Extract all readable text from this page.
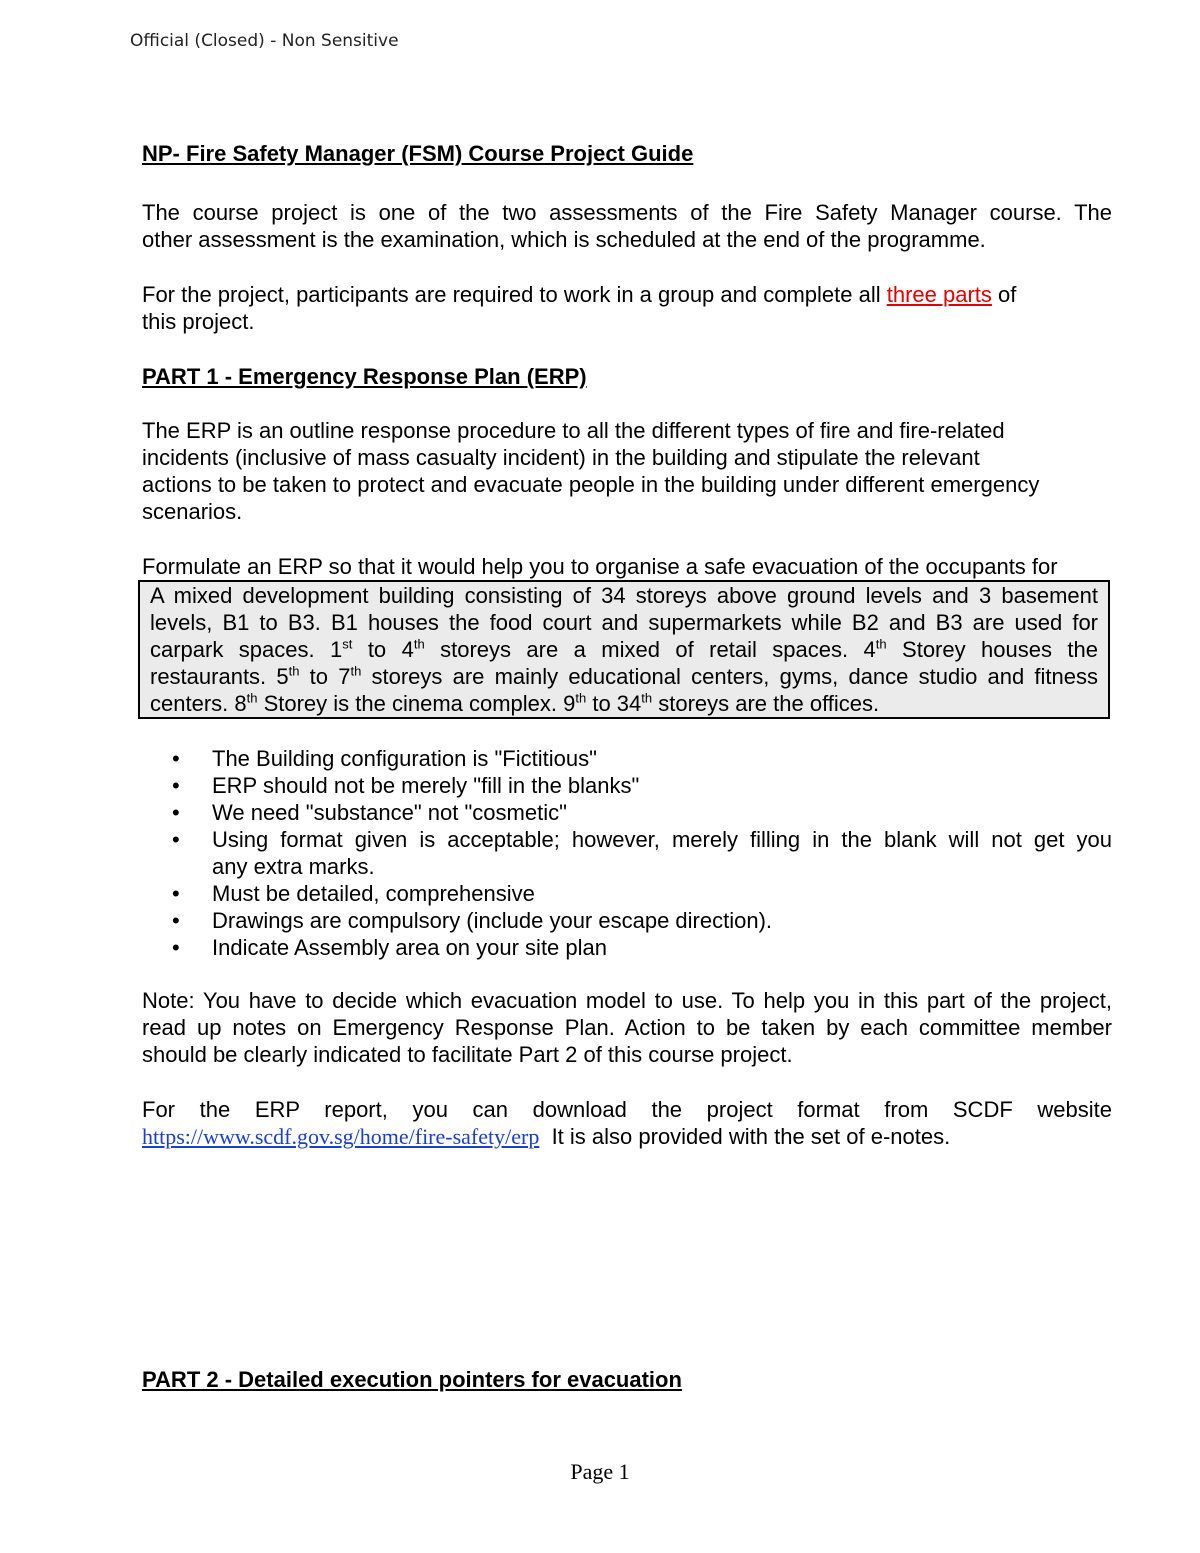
Official (Closed) - Non Sensitive

NP- Fire Safety Manager (FSM) Course Project Guide

The course project is one of the two assessments of the Fire Safety Manager course. The

other assessment is the examination, which is scheduled at the end of the programme.

For the project, participants are required to work in a group and complete all three parts of

this project.

PART 1 - Emergency Response Plan (ERP)

The ERP is an outline response procedure to all the different types of fire and fire-related

incidents (inclusive of mass casualty incident) in the building and stipulate the relevant

actions to be taken to protect and evacuate people in the building under different emergency

scenarios.

Formulate an ERP so that it would help you to organise a safe evacuation of the occupants for

A mixed development building consisting of 34 storeys above ground levels and 3 basement
levels, B1 to B3. B1 houses the food court and supermarkets while B2 and B3 are used for
carpark spaces. 1st to 4th storeys are a mixed of retail spaces. 4th Storey houses the
restaurants. 5th to 7th storeys are mainly educational centers, gyms, dance studio and fitness
centers. 8th Storey is the cinema complex. 9th to 34th storeys are the offices.
• The Building configuration is "Fictitious"
• ERP should not be merely "fill in the blanks"
• We need "substance" not "cosmetic"
• Using format given is acceptable; however, merely filling in the blank will not get you
any extra marks.
• Must be detailed, comprehensive
• Drawings are compulsory (include your escape direction).
• Indicate Assembly area on your site plan

Note: You have to decide which evacuation model to use. To help you in this part of the project,

read up notes on Emergency Response Plan. Action to be taken by each committee member

should be clearly indicated to facilitate Part 2 of this course project.

For the ERP report, you can download the project format from SCDF website

https://www.scdf.gov.sg/home/fire-safety/erp  It is also provided with the set of e-notes.

PART 2 - Detailed execution pointers for evacuation

Page 1
